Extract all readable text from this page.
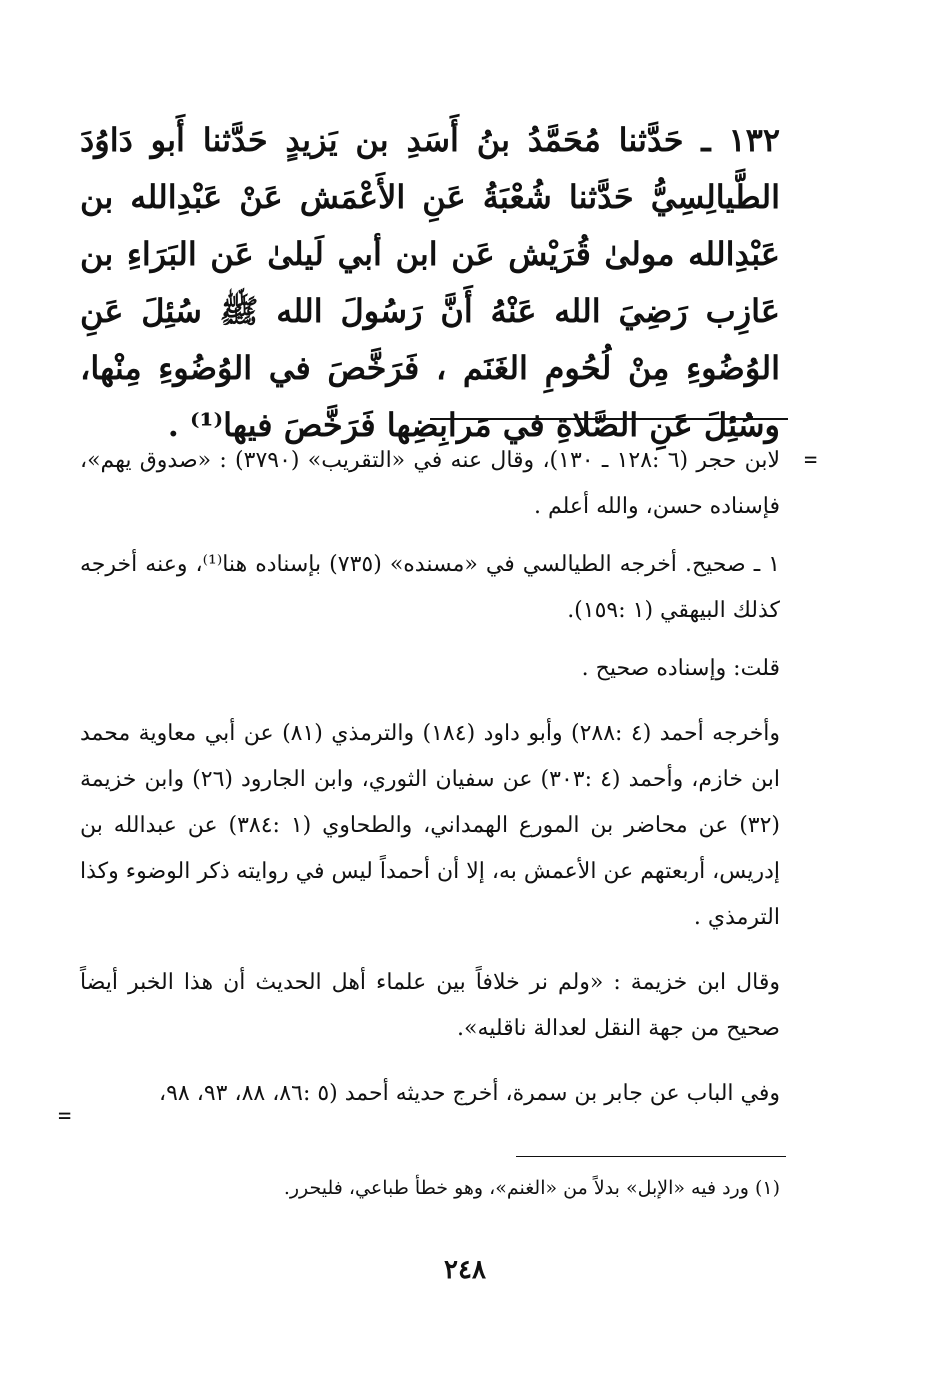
١٣٢ ـ حَدَّثنا مُحَمَّدُ بنُ أَسَدِ بن يَزيدٍ حَدَّثنا أَبو دَاوُدَ الطَّيالِسِيُّ حَدَّثنا شُعْبَةُ عَنِ الأَعْمَش عَنْ عَبْدِالله بن عَبْدِالله مولىٰ قُرَيْش عَن ابن أبي لَيلىٰ عَن البَرَاءِ بن عَازِب رَضِيَ الله عَنْهُ أَنَّ رَسُولَ الله ﷺ سُئِلَ عَنِ الوُضُوءِ مِنْ لُحُومِ الغَنَم ، فَرَخَّصَ في الوُضُوءِ مِنْها، وسُئِلَ عَنِ الصَّلاةِ في مَرابِضِها فَرَخَّصَ فيها⁽¹⁾ .
=

لابن حجر (٦ :١٢٨ ـ ١٣٠)، وقال عنه في «التقريب» (٣٧٩٠) : «صدوق يهم»، فإسناده حسن، والله أعلم .

١ ـ صحيح. أخرجه الطيالسي في «مسنده» (٧٣٥) بإسناده هنا⁽¹⁾، وعنه أخرجه كذلك البيهقي (١ :١٥٩).

قلت: وإسناده صحيح .

وأخرجه أحمد (٤ :٢٨٨) وأبو داود (١٨٤) والترمذي (٨١) عن أبي معاوية محمد ابن خازم، وأحمد (٤ :٣٠٣) عن سفيان الثوري، وابن الجارود (٢٦) وابن خزيمة (٣٢) عن محاضر بن المورع الهمداني، والطحاوي (١ :٣٨٤) عن عبدالله بن إدريس، أربعتهم عن الأعمش به، إلا أن أحمداً ليس في روايته ذكر الوضوء وكذا الترمذي .

وقال ابن خزيمة : «ولم نر خلافاً بين علماء أهل الحديث أن هذا الخبر أيضاً صحيح من جهة النقل لعدالة ناقليه».

وفي الباب عن جابر بن سمرة، أخرج حديثه أحمد (٥ :٨٦، ٨٨، ٩٣، ٩٨،

=
(١) ورد فيه «الإبل» بدلاً من «الغنم»، وهو خطأ طباعي، فليحرر.
٢٤٨
